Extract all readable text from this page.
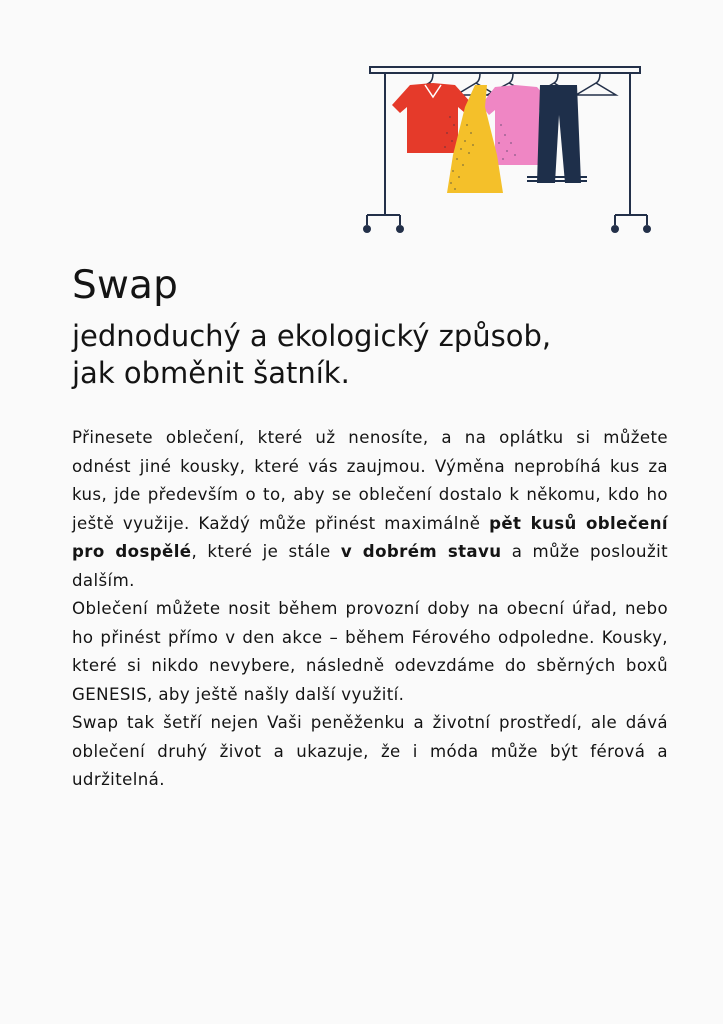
Swap
jednoduchý a ekologický způsob,
jak obměnit šatník.

Přinesete oblečení, které už nenosíte, a na oplátku si můžete odnést jiné kousky, které vás zaujmou. Výměna neprobíhá kus za kus, jde především o to, aby se oblečení dostalo k někomu, kdo ho ještě využije. Každý může přinést maximálně pět kusů oblečení pro dospělé, které je stále v dobrém stavu a může posloužit dalším.

Oblečení můžete nosit během provozní doby na obecní úřad, nebo ho přinést přímo v den akce – během Férového odpoledne. Kousky, které si nikdo nevybere, následně odevzdáme do sběrných boxů GENESIS, aby ještě našly další využití.

Swap tak šetří nejen Vaši peněženku a životní prostředí, ale dává oblečení druhý život a ukazuje, že i móda může být férová a udržitelná.
